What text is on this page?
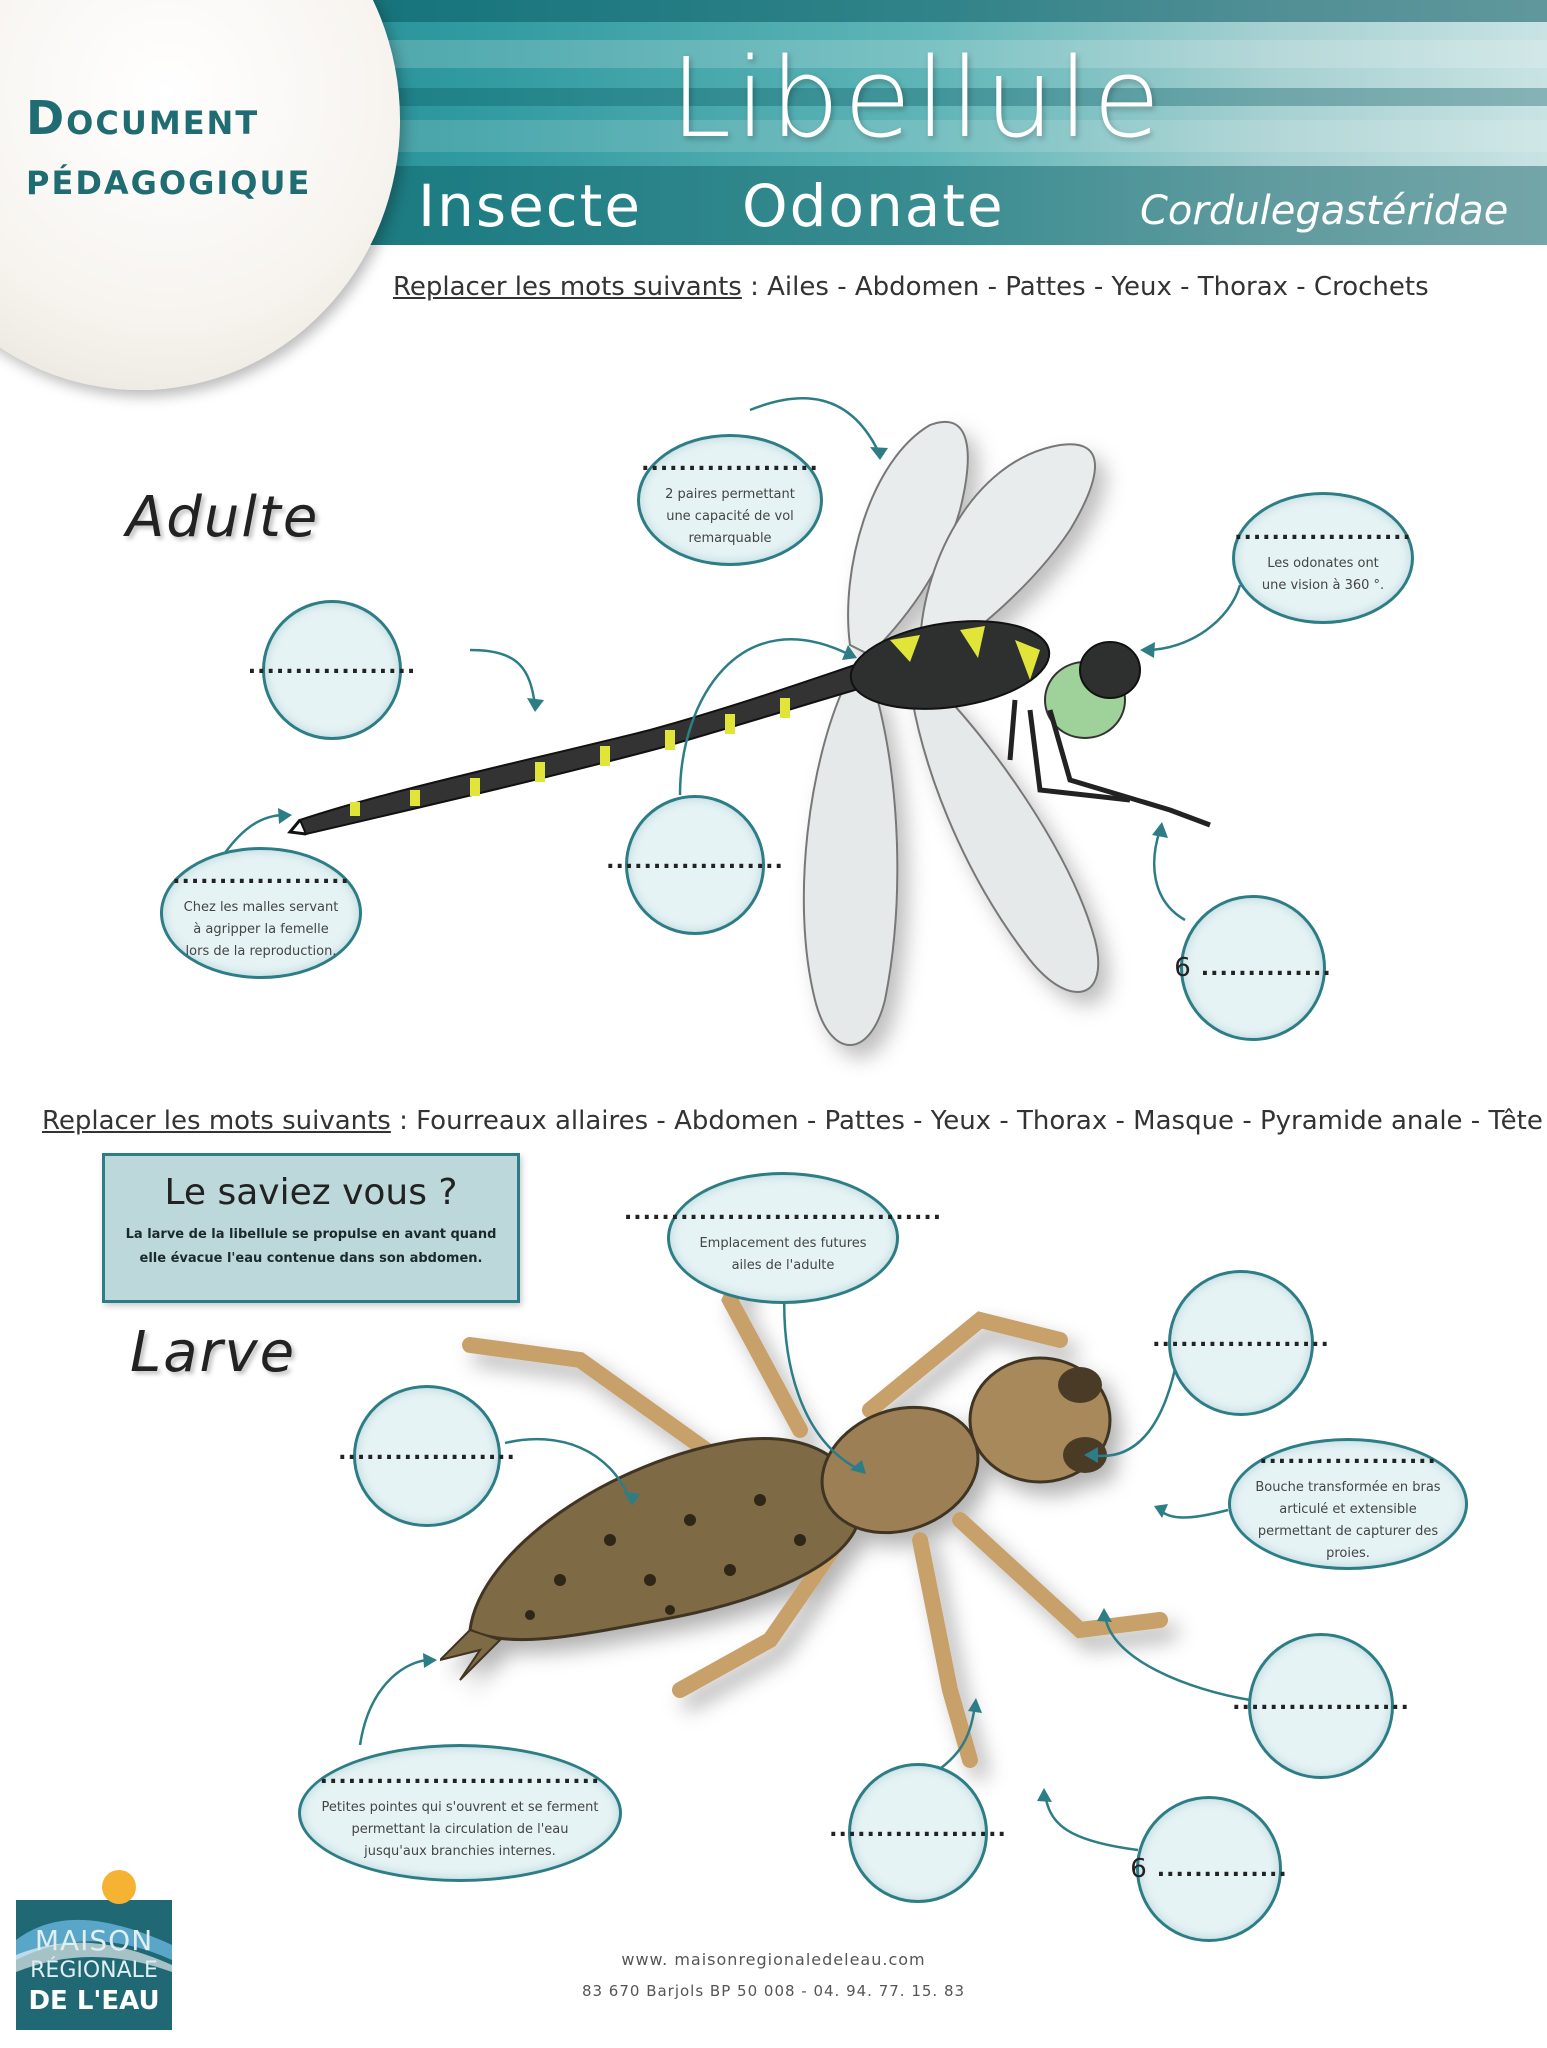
Libellule
Insecte Odonate	Cordulegastéridae
Document
pédagogique
Replacer les mots suivants : Ailes - Abdomen - Pattes - Yeux - Thorax - Crochets
Adulte
...................
2 paires permettant une capacité de vol remarquable	...................
Les odonates ont une vision à 360 °.
..................
...................
...................
Chez les malles servant à agripper la femelle lors de la reproduction.
6 ..............
Replacer les mots suivants : Fourreaux allaires - Abdomen - Pattes - Yeux - Thorax - Masque - Pyramide anale - Tête
Le saviez vous ?
La larve de la libellule se propulse en avant quand elle évacue l'eau contenue dans son abdomen.
Larve
..................................
Emplacement des futures ailes de l'adulte
...................
...................
...................
Bouche transformée en bras articulé et extensible permettant de capturer des proies.
...................
..............................
Petites pointes qui s'ouvrent et se ferment permettant la circulation de l'eau jusqu'aux branchies internes.
...................
6 ..............
MAISON
RÉGIONALE
DE L'EAU
www. maisonregionaledeleau.com
83 670 Barjols BP 50 008 - 04. 94. 77. 15. 83
